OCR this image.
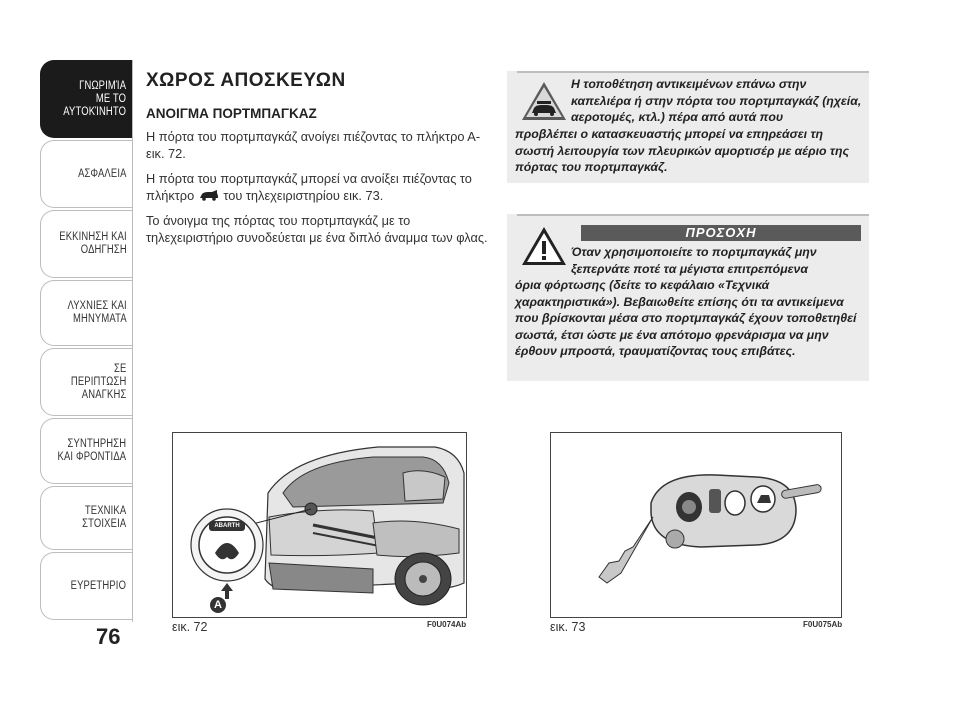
ΓΝΩΡΙΜΊΑ
ΜΕ ΤΟ
ΑΥΤΟΚΊΝΗΤΟ
ΑΣΦΑΛΕΙΑ
ΕΚΚΙΝΗΣΗ ΚΑΙ
ΟΔΗΓΗΣΗ
ΛΥΧΝΙΕΣ ΚΑΙ
ΜΗΝΥΜΑΤΑ
ΣΕ ΠΕΡΙΠΤΩΣΗ
ΑΝΑΓΚΗΣ
ΣΥΝΤΗΡΗΣΗ
ΚΑΙ ΦΡΟΝΤΙΔΑ
ΤΕΧΝΙΚΑ
ΣΤΟΙΧΕΙΑ
ΕΥΡΕΤΗΡΙΟ
76
ΧΩΡΟΣ ΑΠΟΣΚΕΥΩΝ
ΑΝΟΙΓΜΑ ΠΟΡΤΜΠΑΓΚΑΖ

Η πόρτα του πορτμπαγκάζ ανοίγει πιέζοντας το πλήκτρο Α-εικ. 72.

Η πόρτα του πορτμπαγκάζ μπορεί να ανοίξει πιέζοντας το πλήκτρο του τηλεχειριστηρίου εικ. 73.

Το άνοιγμα της πόρτας του πορτμπαγκάζ με το τηλεχειριστήριο συνοδεύεται με ένα διπλό άναμμα των φλας.

Η τοποθέτηση αντικειμένων επάνω στην καπελιέρα ή στην πόρτα του πορτμπαγκάζ (ηχεία, αεροτομές, κτλ.) πέρα από αυτά που

προβλέπει ο κατασκευαστής μπορεί να επηρεάσει τη σωστή λειτουργία των πλευρικών αμορτισέρ με αέριο της πόρτας του πορτμπαγκάζ.

ΠΡΟΣΟΧΗ

Όταν χρησιμοποιείτε το πορτμπαγκάζ μην ξεπερνάτε ποτέ τα μέγιστα επιτρεπόμενα

όρια φόρτωσης (δείτε το κεφάλαιο «Τεχνικά χαρακτηριστικά»). Βεβαιωθείτε επίσης ότι τα αντικείμενα που βρίσκονται μέσα στο πορτμπαγκάζ έχουν τοποθετηθεί σωστά, έτσι ώστε με ένα απότομο φρενάρισμα να μην έρθουν μπροστά, τραυματίζοντας τους επιβάτες.

ABARTH
A
εικ. 72	F0U074Ab	εικ. 73	F0U075Ab
